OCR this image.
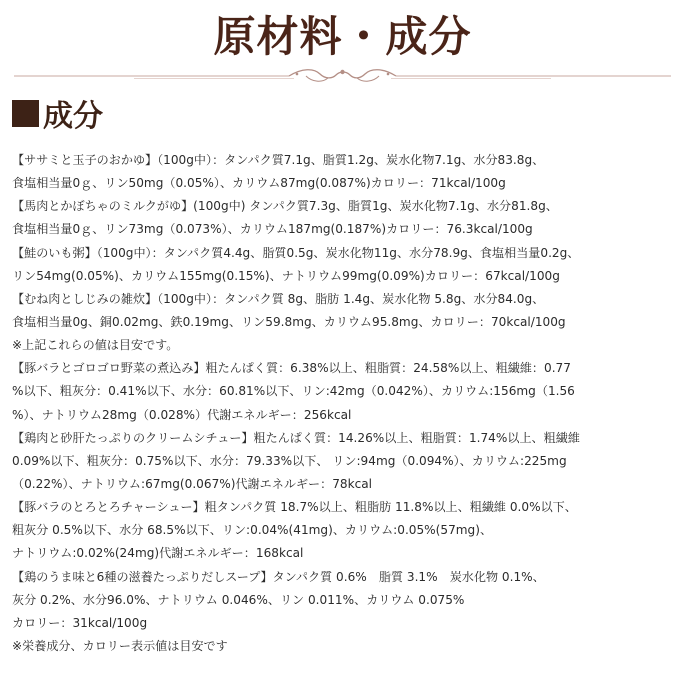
原材料・成分
成分
【ササミと玉子のおかゆ】（100g中）：タンパク質7.1g、脂質1.2g、炭水化物7.1g、水分83.8g、
食塩相当量0ｇ、リン50mg（0.05%）、カリウム87mg(0.087%)カロリー：71kcal/100g
【馬肉とかぼちゃのミルクがゆ】(100g中) タンパク質7.3g、脂質1g、炭水化物7.1g、水分81.8g、
食塩相当量0ｇ、リン73mg（0.073%）、カリウム187mg(0.187%)カロリー：76.3kcal/100g
【鮭のいも粥】（100g中）：タンパク質4.4g、脂質0.5g、炭水化物11g、水分78.9g、食塩相当量0.2g、
リン54mg(0.05%)、カリウム155mg(0.15%)、ナトリウム99mg(0.09%)カロリー：67kcal/100g
【むね肉としじみの雑炊】（100g中）：タンパク質 8g、脂肪 1.4g、炭水化物 5.8g、水分84.0g、
食塩相当量0g、銅0.02mg、鉄0.19mg、リン59.8mg、カリウム95.8mg、カロリー：70kcal/100g
※上記これらの値は目安です。
【豚バラとゴロゴロ野菜の煮込み】粗たんぱく質：6.38%以上、粗脂質：24.58%以上、粗繊維：0.77
%以下、粗灰分：0.41%以下、水分：60.81%以下、リン:42mg（0.042%）、カリウム:156mg（1.56
%）、ナトリウム28mg（0.028%）代謝エネルギー：256kcal
【鶏肉と砂肝たっぷりのクリームシチュー】粗たんぱく質：14.26%以上、粗脂質：1.74%以上、粗繊維
0.09%以下、粗灰分：0.75%以下、水分：79.33%以下、 リン:94mg（0.094%）、カリウム:225mg
（0.22%）、ナトリウム:67mg(0.067%)代謝エネルギー：78kcal
【豚バラのとろとろチャーシュー】粗タンパク質 18.7%以上、粗脂肪 11.8%以上、粗繊維 0.0%以下、
粗灰分 0.5%以下、水分 68.5%以下、リン:0.04%(41mg)、カリウム:0.05%(57mg)、
ナトリウム:0.02%(24mg)代謝エネルギー：168kcal
【鶏のうま味と6種の滋養たっぷりだしスープ】タンパク質 0.6%　脂質 3.1%　炭水化物 0.1%、
灰分 0.2%、水分96.0%、ナトリウム 0.046%、リン 0.011%、カリウム 0.075%
カロリー：31kcal/100g
※栄養成分、カロリー表示値は目安です
